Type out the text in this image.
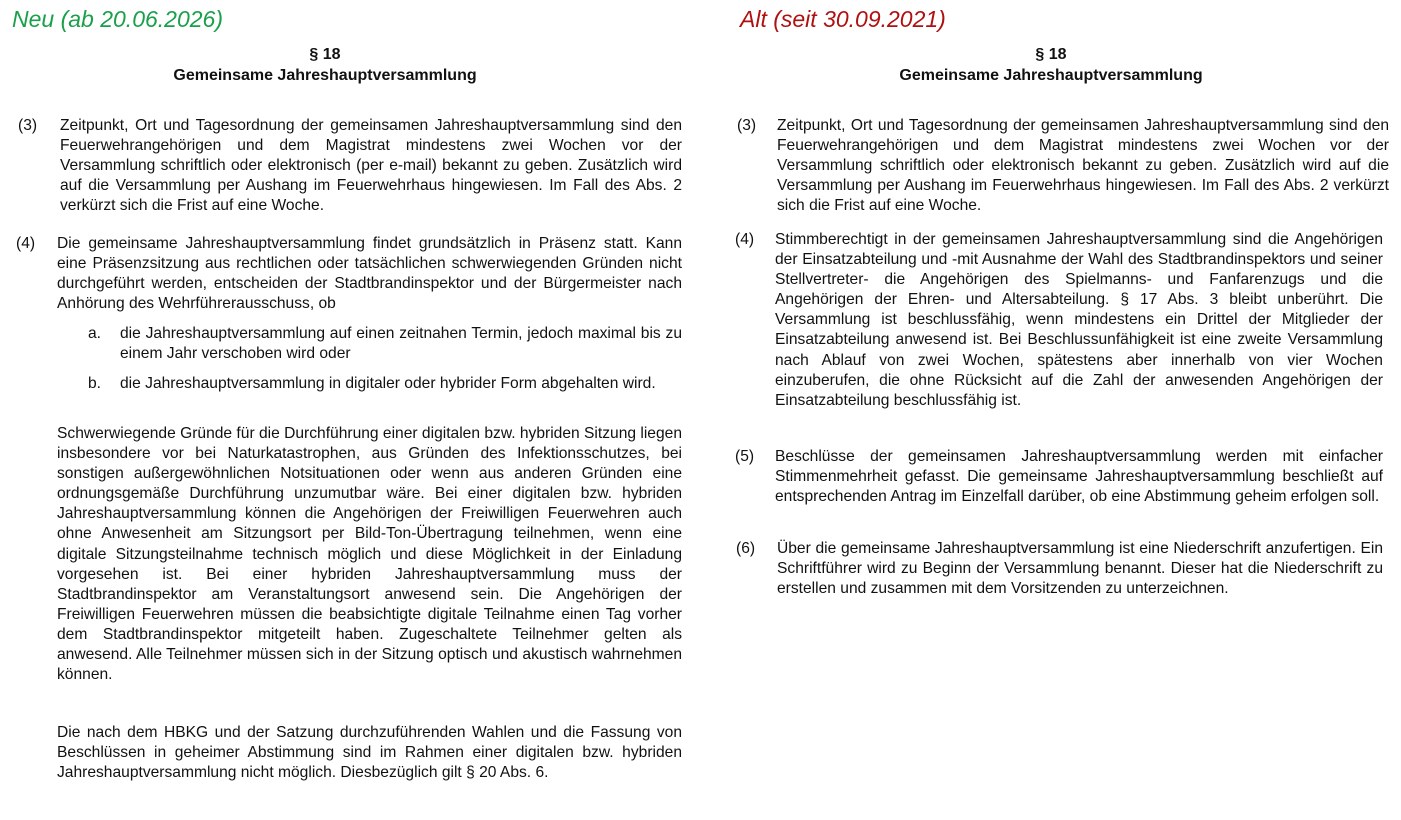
Neu (ab 20.06.2026)
§ 18
Gemeinsame Jahreshauptversammlung
(3) Zeitpunkt, Ort und Tagesordnung der gemeinsamen Jahreshauptversammlung sind den Feuerwehrangehörigen und dem Magistrat mindestens zwei Wochen vor der Versammlung schriftlich oder elektronisch (per e-mail) bekannt zu geben. Zusätzlich wird auf die Versammlung per Aushang im Feuerwehrhaus hingewiesen. Im Fall des Abs. 2 verkürzt sich die Frist auf eine Woche.
(4) Die gemeinsame Jahreshauptversammlung findet grundsätzlich in Präsenz statt. Kann eine Präsenzsitzung aus rechtlichen oder tatsächlichen schwerwiegenden Gründen nicht durchgeführt werden, entscheiden der Stadtbrandinspektor und der Bürgermeister nach Anhörung des Wehrführerausschuss, ob
a. die Jahreshauptversammlung auf einen zeitnahen Termin, jedoch maximal bis zu einem Jahr verschoben wird oder
b. die Jahreshauptversammlung in digitaler oder hybrider Form abgehalten wird.
Schwerwiegende Gründe für die Durchführung einer digitalen bzw. hybriden Sitzung liegen insbesondere vor bei Naturkatastrophen, aus Gründen des Infektionsschutzes, bei sonstigen außergewöhnlichen Notsituationen oder wenn aus anderen Gründen eine ordnungsgemäße Durchführung unzumutbar wäre. Bei einer digitalen bzw. hybriden Jahreshauptversammlung können die Angehörigen der Freiwilligen Feuerwehren auch ohne Anwesenheit am Sitzungsort per Bild-Ton-Übertragung teilnehmen, wenn eine digitale Sitzungsteilnahme technisch möglich und diese Möglichkeit in der Einladung vorgesehen ist. Bei einer hybriden Jahreshauptversammlung muss der Stadtbrandinspektor am Veranstaltungsort anwesend sein. Die Angehörigen der Freiwilligen Feuerwehren müssen die beabsichtigte digitale Teilnahme einen Tag vorher dem Stadtbrandinspektor mitgeteilt haben. Zugeschaltete Teilnehmer gelten als anwesend. Alle Teilnehmer müssen sich in der Sitzung optisch und akustisch wahrnehmen können.
Die nach dem HBKG und der Satzung durchzuführenden Wahlen und die Fassung von Beschlüssen in geheimer Abstimmung sind im Rahmen einer digitalen bzw. hybriden Jahreshauptversammlung nicht möglich. Diesbezüglich gilt § 20 Abs. 6.
Alt (seit 30.09.2021)
§ 18
Gemeinsame Jahreshauptversammlung
(3) Zeitpunkt, Ort und Tagesordnung der gemeinsamen Jahreshauptversammlung sind den Feuerwehrangehörigen und dem Magistrat mindestens zwei Wochen vor der Versammlung schriftlich oder elektronisch bekannt zu geben. Zusätzlich wird auf die Versammlung per Aushang im Feuerwehrhaus hingewiesen. Im Fall des Abs. 2 verkürzt sich die Frist auf eine Woche.
(4) Stimmberechtigt in der gemeinsamen Jahreshauptversammlung sind die Angehörigen der Einsatzabteilung und -mit Ausnahme der Wahl des Stadtbrandinspektors und seiner Stellvertreter- die Angehörigen des Spielmanns- und Fanfarenzugs und die Angehörigen der Ehren- und Altersabteilung. § 17 Abs. 3 bleibt unberührt. Die Versammlung ist beschlussfähig, wenn mindestens ein Drittel der Mitglieder der Einsatzabteilung anwesend ist. Bei Beschlussunfähigkeit ist eine zweite Versammlung nach Ablauf von zwei Wochen, spätestens aber innerhalb von vier Wochen einzuberufen, die ohne Rücksicht auf die Zahl der anwesenden Angehörigen der Einsatzabteilung beschlussfähig ist.
(5) Beschlüsse der gemeinsamen Jahreshauptversammlung werden mit einfacher Stimmenmehrheit gefasst. Die gemeinsame Jahreshauptversammlung beschließt auf entsprechenden Antrag im Einzelfall darüber, ob eine Abstimmung geheim erfolgen soll.
(6) Über die gemeinsame Jahreshauptversammlung ist eine Niederschrift anzufertigen. Ein Schriftführer wird zu Beginn der Versammlung benannt. Dieser hat die Niederschrift zu erstellen und zusammen mit dem Vorsitzenden zu unterzeichnen.
